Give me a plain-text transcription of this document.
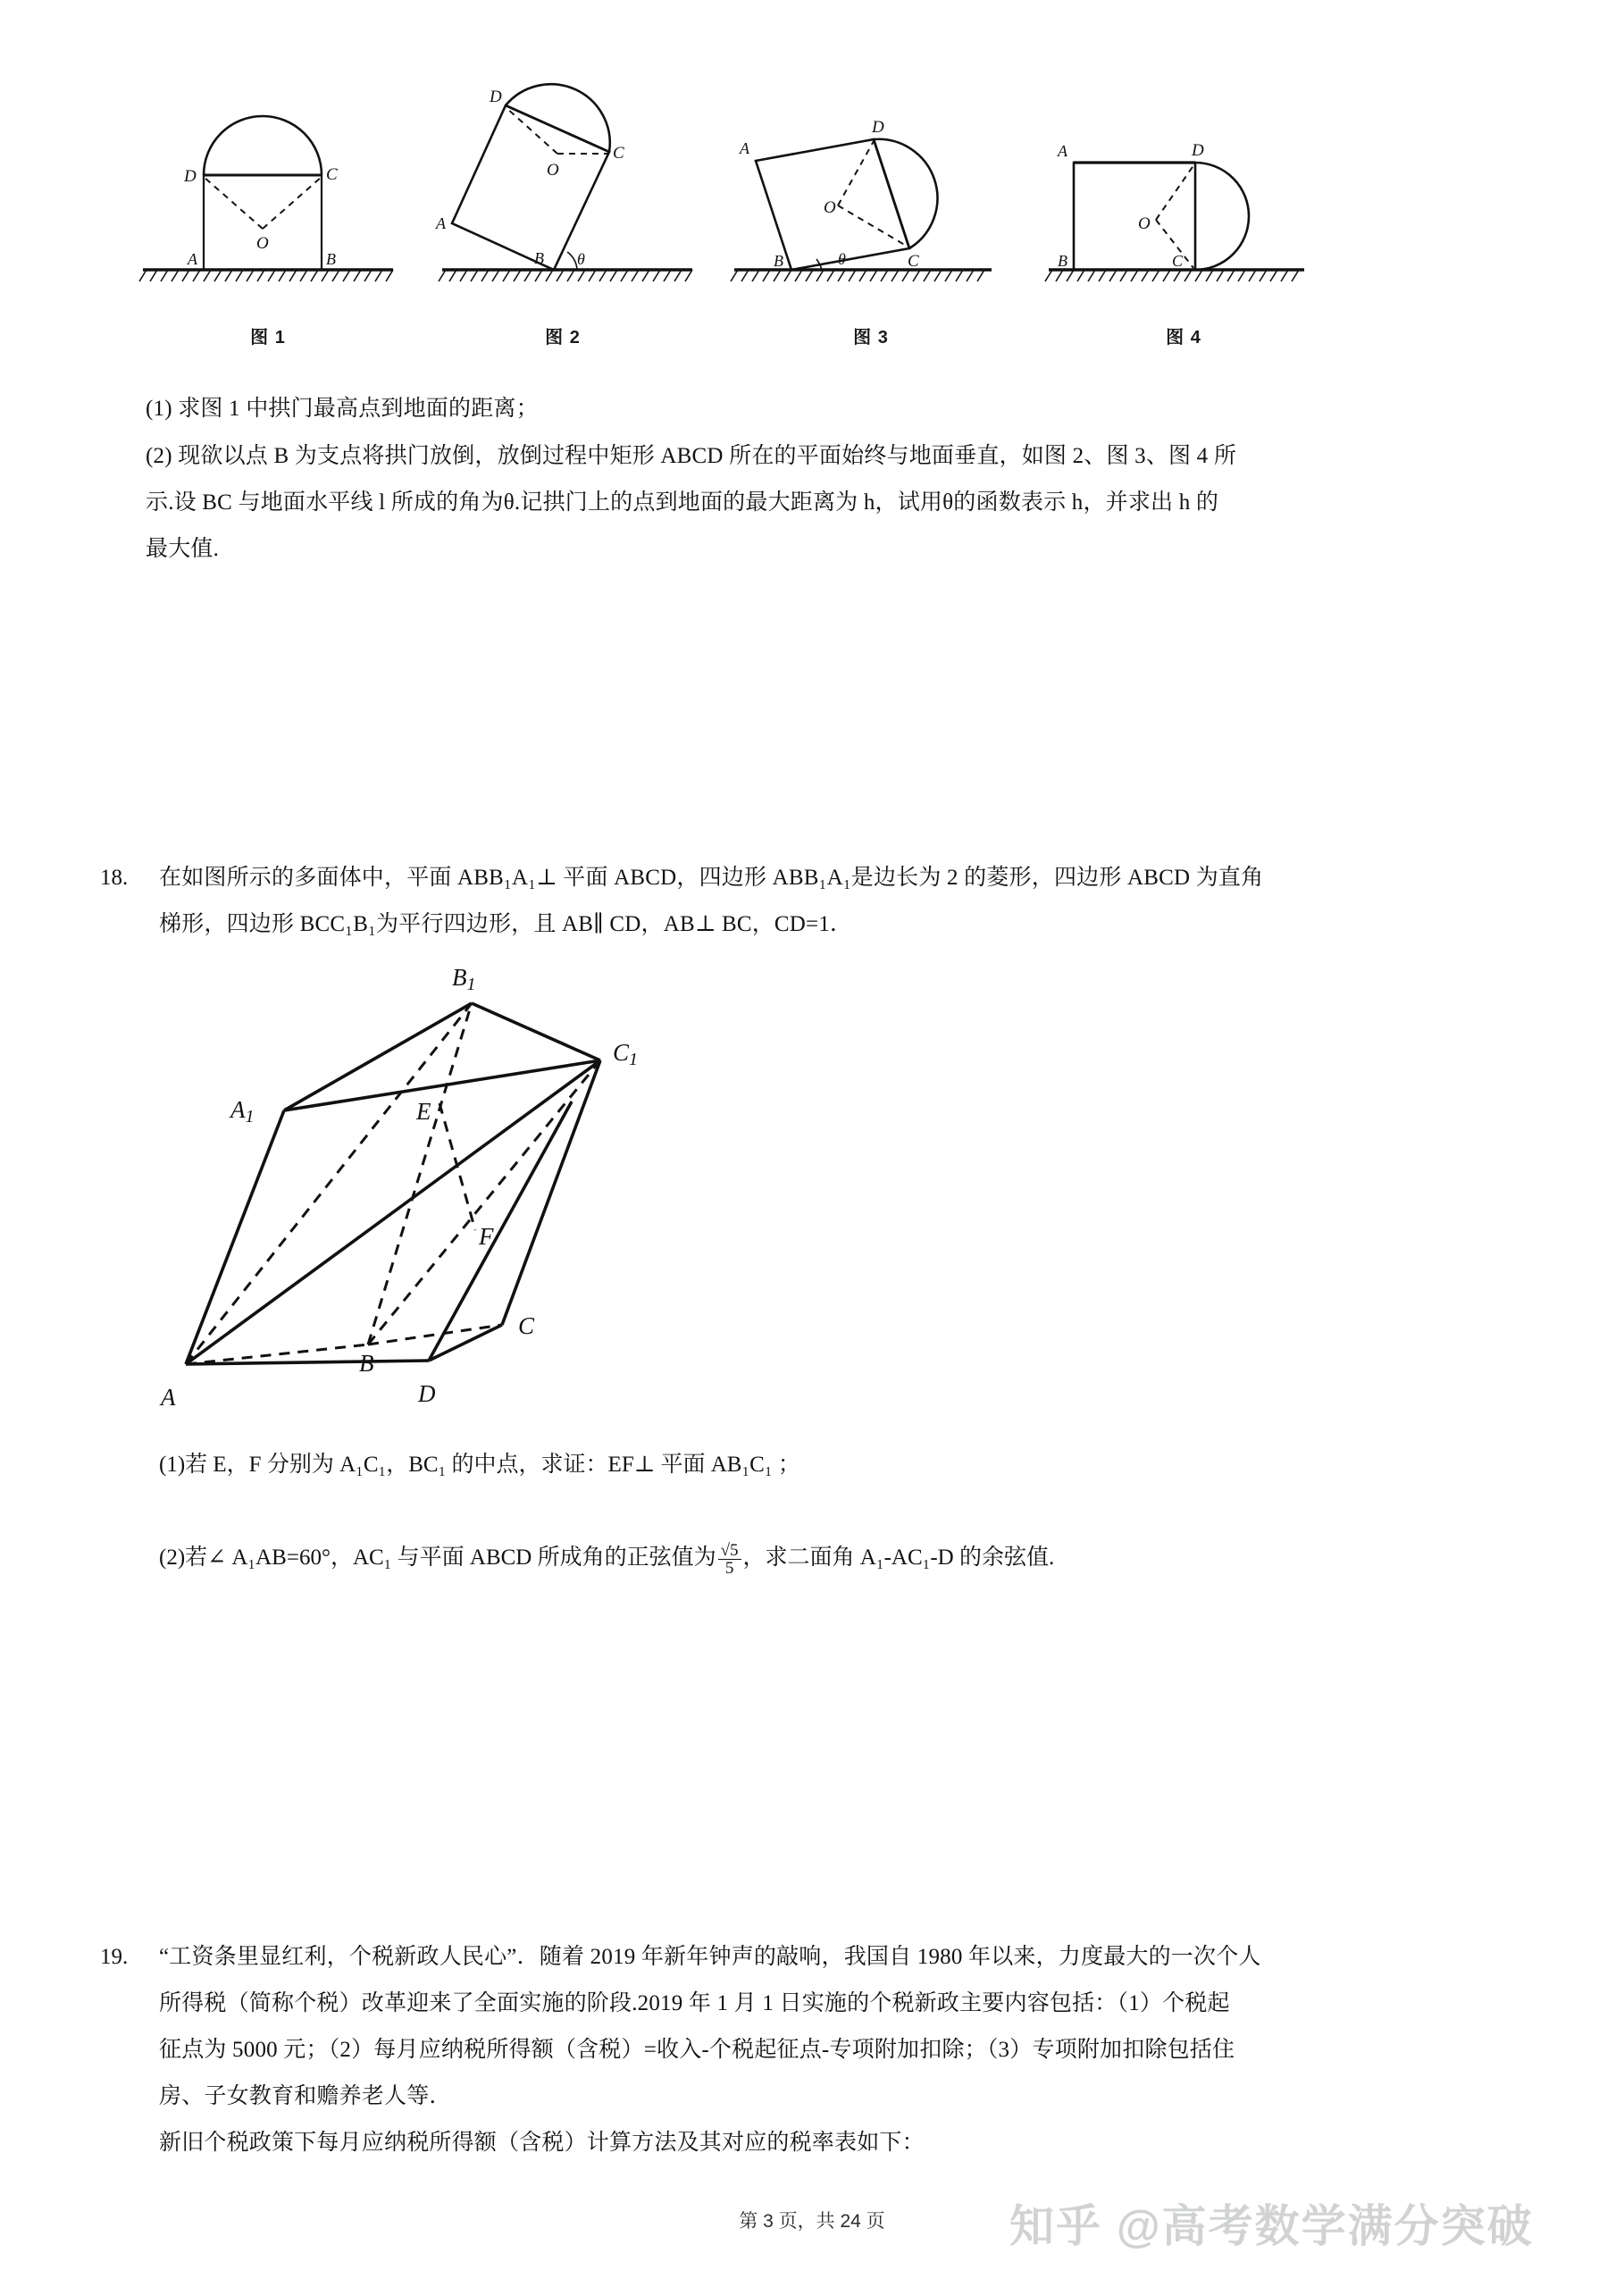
D	C
O
A	B
图 1
D
C
O
A
B θ
图 2
A
D
C
O
B	θ
图 3
A	D
O
B	C
图 4
(1) 求图 1 中拱门最高点到地面的距离；
(2) 现欲以点 B 为支点将拱门放倒，放倒过程中矩形 ABCD 所在的平面始终与地面垂直，如图 2、图 3、图 4 所
示.设 BC 与地面水平线 l 所成的角为θ.记拱门上的点到地面的最大距离为 h，试用θ的函数表示 h，并求出 h 的
最大值.
18. 在如图所示的多面体中，平面 ABB₁A₁⊥ 平面 ABCD，四边形 ABB₁A₁是边长为 2 的菱形，四边形 ABCD 为直角
梯形，四边形 BCC₁B₁为平行四边形，且 AB∥ CD，AB⊥ BC，CD=1．
B1
C1
A1	E
F
B
C
A	D
(1)若 E，F 分别为 A₁C₁，BC₁ 的中点，求证：EF⊥ 平面 AB₁C₁ ；
(2)若∠ A₁AB=60°，AC₁ 与平面 ABCD 所成角的正弦值为 $\frac{√5}{5}$ ，求二面角 A₁-AC₁-D 的余弦值.
19. “工资条里显红利，个税新政人民心”．随着 2019 年新年钟声的敲响，我国自 1980 年以来，力度最大的一次个人
所得税（简称个税）改革迎来了全面实施的阶段.2019 年 1 月 1 日实施的个税新政主要内容包括：（1）个税起
征点为 5000 元；（2）每月应纳税所得额（含税）=收入-个税起征点-专项附加扣除；（3）专项附加扣除包括住
房、子女教育和赡养老人等．
新旧个税政策下每月应纳税所得额（含税）计算方法及其对应的税率表如下：
第 3 页，共 24 页	知乎 @高考数学满分突破
